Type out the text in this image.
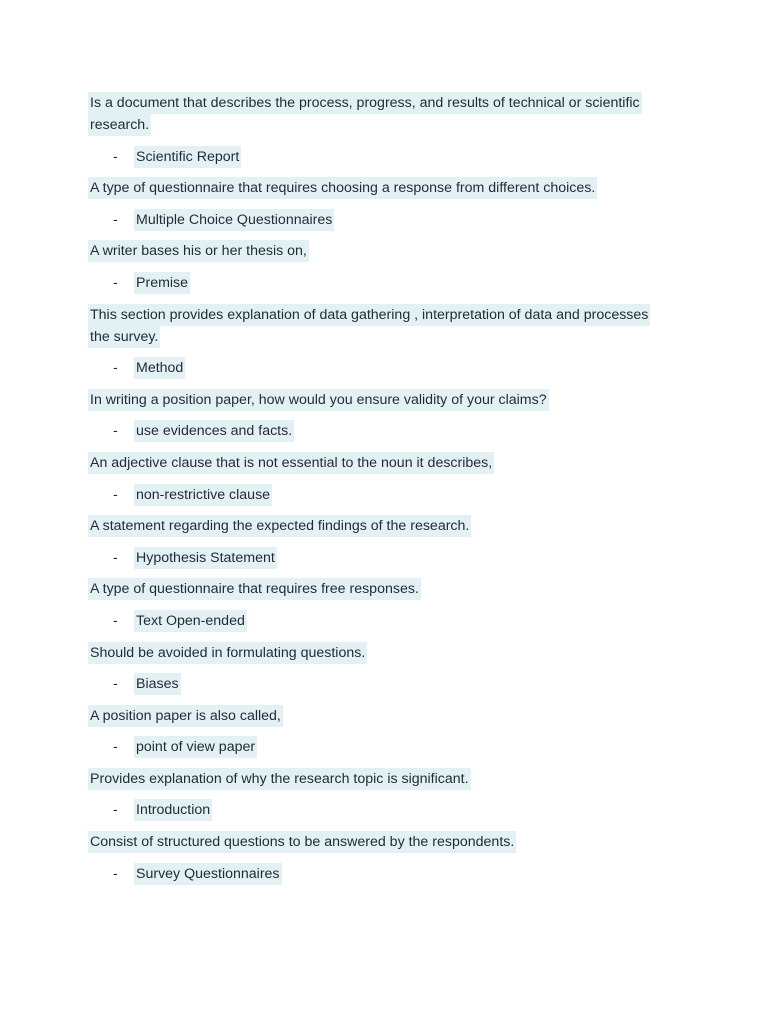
Is a document that describes the process, progress, and results of technical or scientific
research.

- Scientific Report

A type of questionnaire that requires choosing a response from different choices.

- Multiple Choice Questionnaires

A writer bases his or her thesis on,

- Premise

This section provides explanation of data gathering , interpretation of data and processes
the survey.

- Method

In writing a position paper, how would you ensure validity of your claims?

- use evidences and facts.

An adjective clause that is not essential to the noun it describes,

- non-restrictive clause

A statement regarding the expected findings of the research.

- Hypothesis Statement

A type of questionnaire that requires free responses.

- Text Open-ended

Should be avoided in formulating questions.

- Biases

A position paper is also called,

- point of view paper

Provides explanation of why the research topic is significant.

- Introduction

Consist of structured questions to be answered by the respondents.

- Survey Questionnaires
